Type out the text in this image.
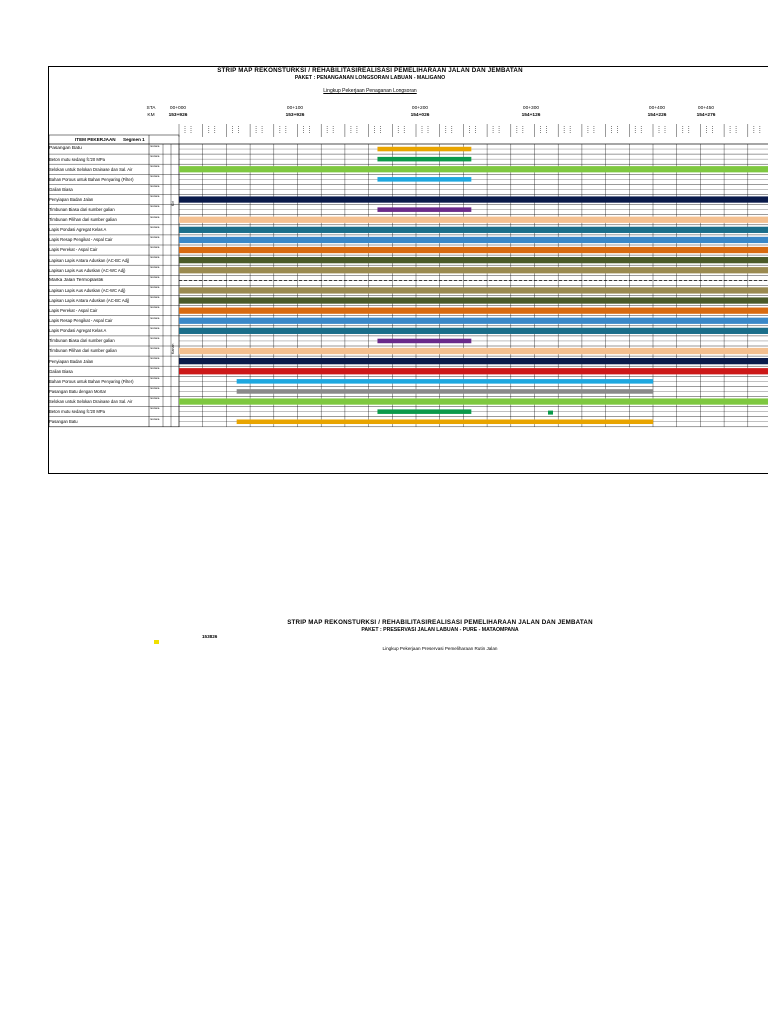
STRIP MAP REKONSTURKSI / REHABILITASIREALISASI PEMELIHARAAN JALAN DAN JEMBATAN
PAKET : PENANGANAN LONGSORAN LABUAN - MALIGANO
Lingkup Pekerjaan Penaganan Longsoran
STA
KM
00+000
153+926
00+100
153+926
00+200
154+026
00+300
154+126
00+400
154+226
00+450
154+276
ITEM PEKERJAAN Segmen 1
Kiri
Kanan
Pasangan Batu
rencana
Beton mutu sedang fc'20 MPa
rencana
Selokan untuk Selokan Drainase dan Sal. Air
rencana
Bahan Porous untuk Bahan Penyaring (Filter)
rencana
Galian Biasa
rencana
Penyiapan Badan Jalan
rencana
Timbunan Biasa dari sumber galian
rencana
Timbunan Pilihan dari sumber galian
rencana
Lapis Pondasi Agregat Kelas A
rencana
Lapis Resap Pengikat - Aspal Cair
rencana
Lapis Perekat - Aspal Cair
rencana
Lapisan Lapis Antara Aduskan (AC-BC Adj)
rencana
Lapisan Lapis Aus Aduskan (AC-WC Adj)
rencana
Marka Jalan Termoplastik
rencana
Lapisan Lapis Aus Aduskan (AC-WC Adj)
rencana
Lapisan Lapis Antara Aduskan (AC-BC Adj)
rencana
Lapis Perekat - Aspal Cair
rencana
Lapis Resap Pengikat - Aspal Cair
rencana
Lapis Pondasi Agregat Kelas A
rencana
Timbunan Biasa dari sumber galian
rencana
Timbunan Pilihan dari sumber galian
rencana
Penyiapan Badan Jalan
rencana
Galian Biasa
rencana
Bahan Porous untuk Bahan Penyaring (Filter)
rencana
Pasangan Batu dengan Mortar
rencana
Selokan untuk Selokan Drainase dan Sal. Air
rencana
Beton mutu sedang fc'20 MPa
rencana
Pasangan Batu
rencana
STRIP MAP REKONSTURKSI / REHABILITASIREALISASI PEMELIHARAAN JALAN DAN JEMBATAN
PAKET : PRESERVASI JALAN LABUAN - PURE - MATAOMPANA
Lingkup Pekerjaan Preservasi Pemeliharaan Rutin Jalan
153826
